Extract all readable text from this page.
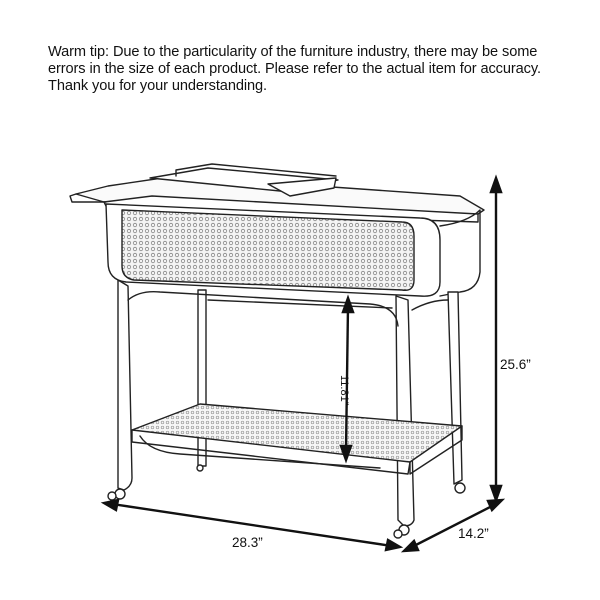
Warm tip: Due to the particularity of the furniture industry, there may be some
errors in the size of each product. Please refer to the actual item for accuracy.
Thank you for your understanding.
25.6”
28.3”
14.2”
11.81”
